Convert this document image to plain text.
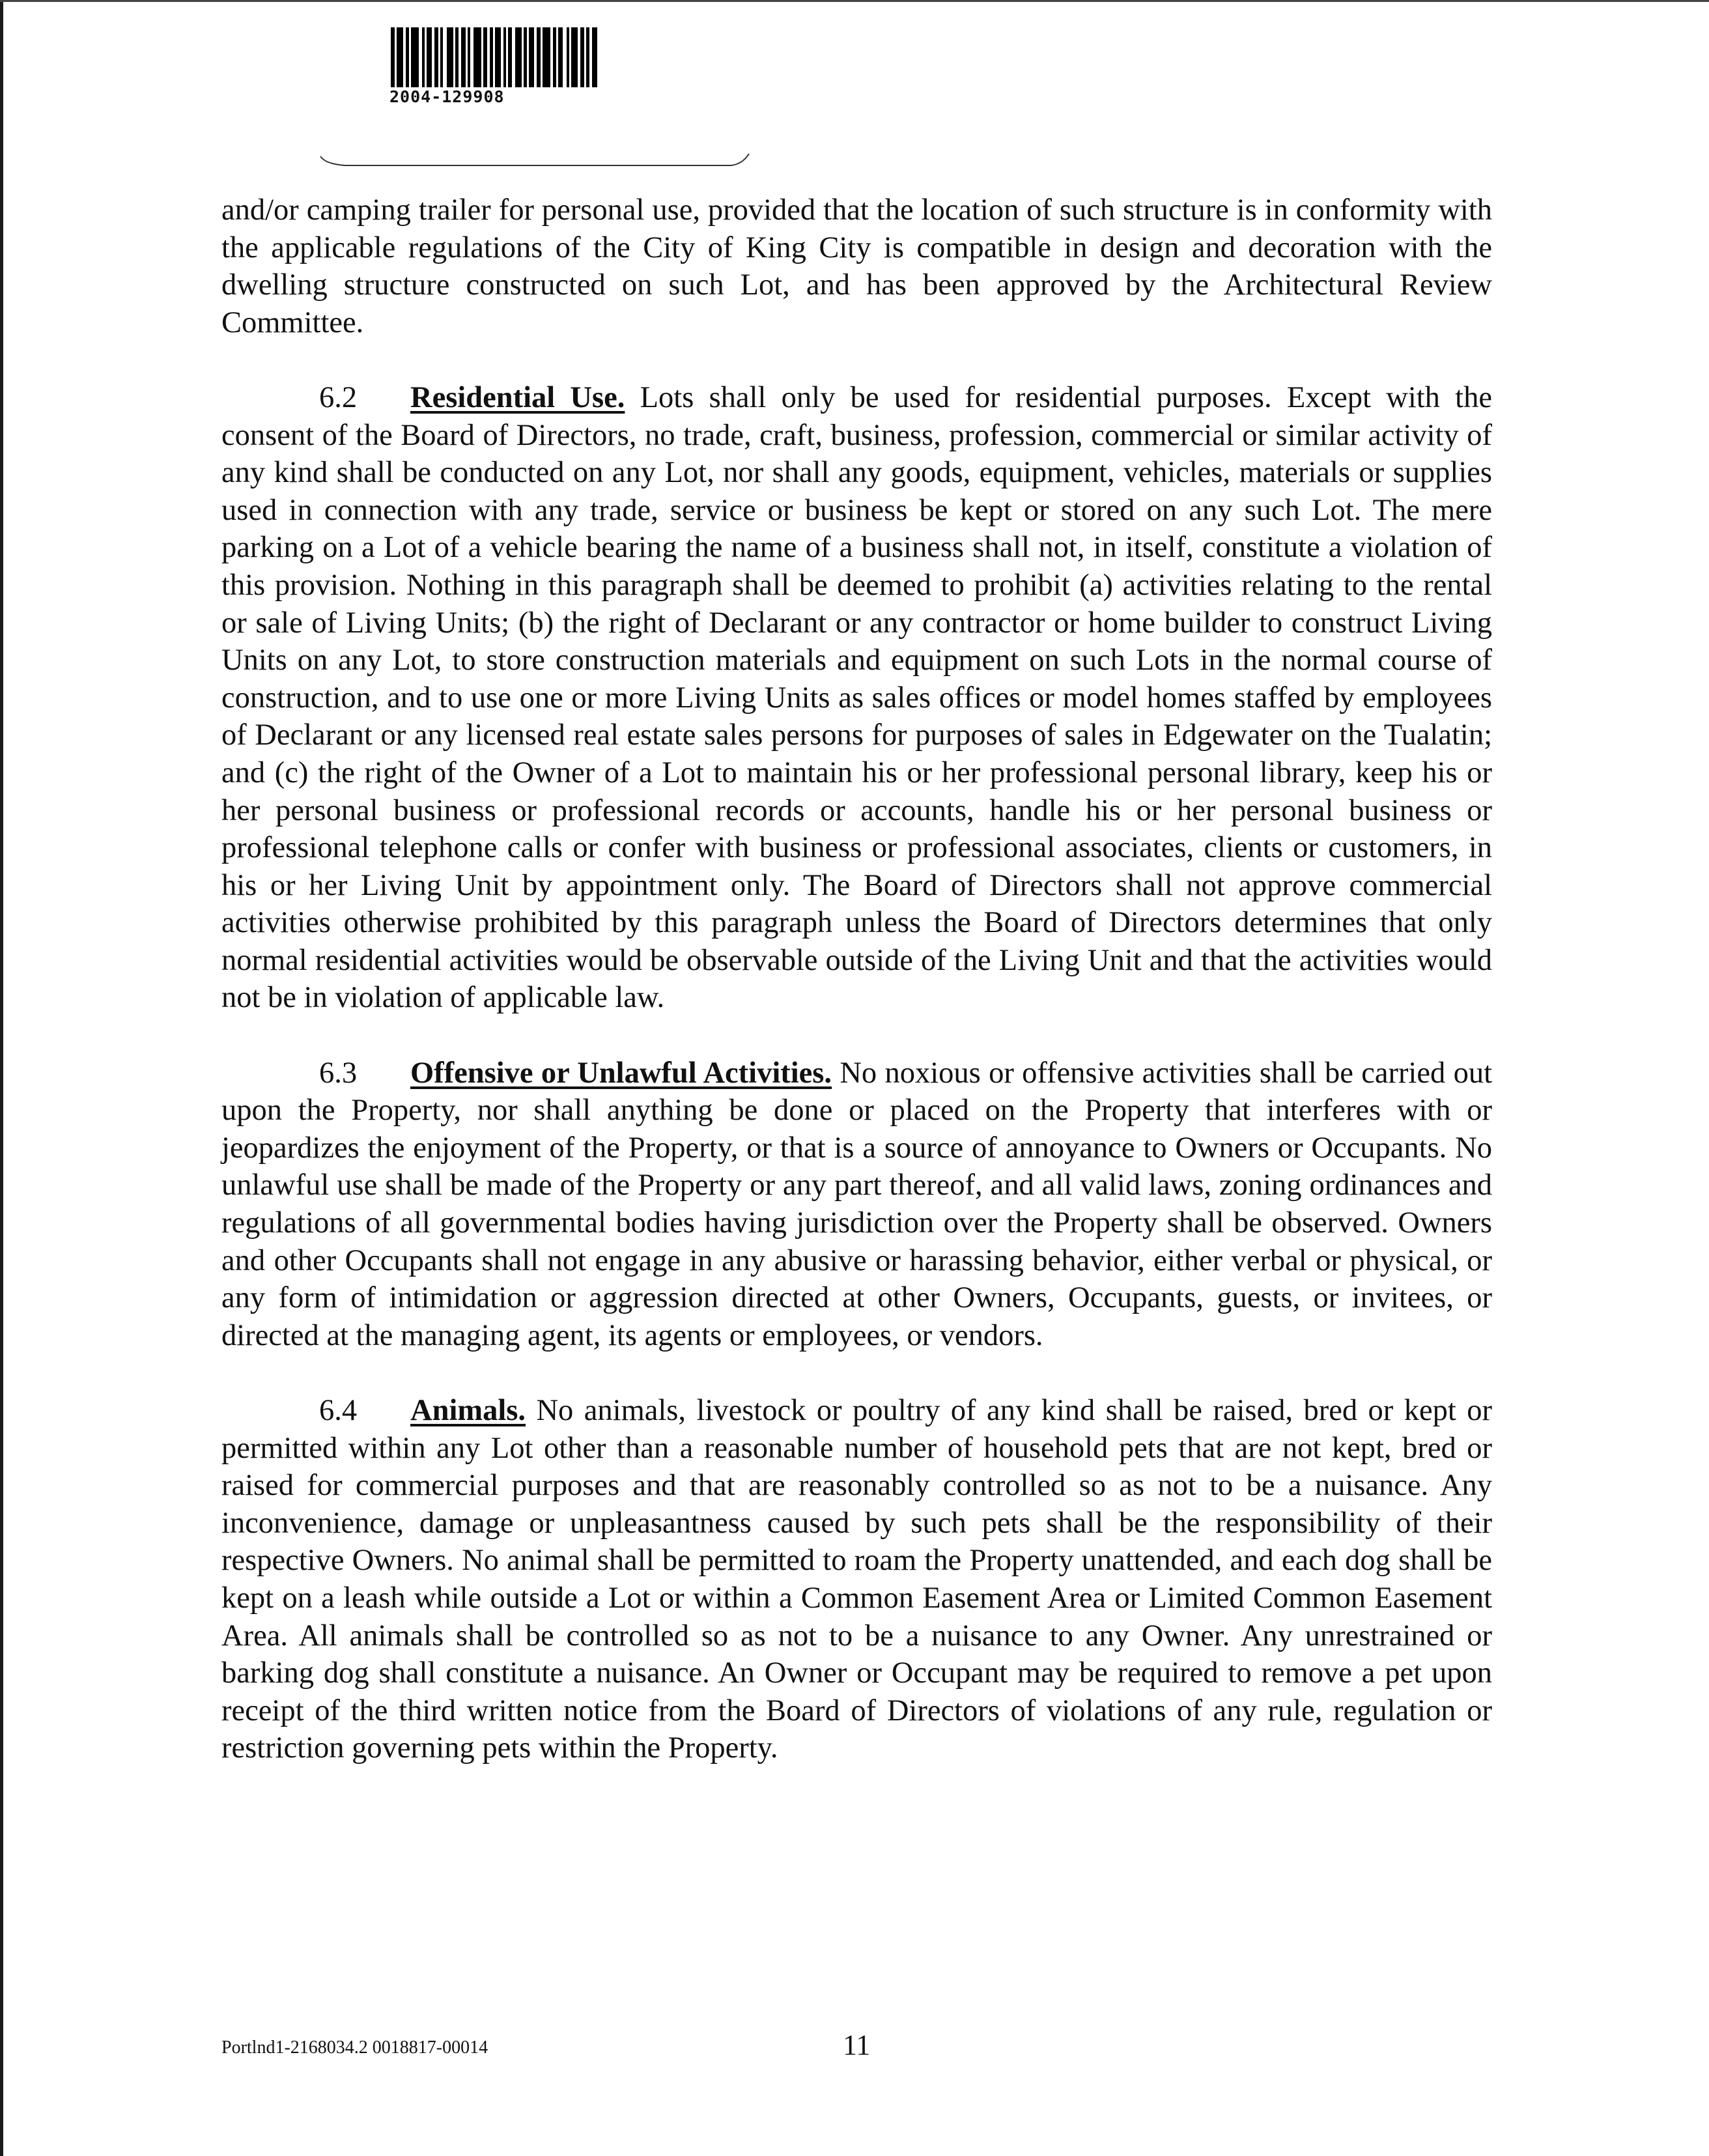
2004-129908

and/or camping trailer for personal use, provided that the location of such structure is in conformity with the applicable regulations of the City of King City is compatible in design and decoration with the dwelling structure constructed on such Lot, and has been approved by the Architectural Review Committee.

6.2 Residential Use. Lots shall only be used for residential purposes. Except with the consent of the Board of Directors, no trade, craft, business, profession, commercial or similar activity of any kind shall be conducted on any Lot, nor shall any goods, equipment, vehicles, materials or supplies used in connection with any trade, service or business be kept or stored on any such Lot. The mere parking on a Lot of a vehicle bearing the name of a business shall not, in itself, constitute a violation of this provision. Nothing in this paragraph shall be deemed to prohibit (a) activities relating to the rental or sale of Living Units; (b) the right of Declarant or any contractor or home builder to construct Living Units on any Lot, to store construction materials and equipment on such Lots in the normal course of construction, and to use one or more Living Units as sales offices or model homes staffed by employees of Declarant or any licensed real estate sales persons for purposes of sales in Edgewater on the Tualatin; and (c) the right of the Owner of a Lot to maintain his or her professional personal library, keep his or her personal business or professional records or accounts, handle his or her personal business or professional telephone calls or confer with business or professional associates, clients or customers, in his or her Living Unit by appointment only. The Board of Directors shall not approve commercial activities otherwise prohibited by this paragraph unless the Board of Directors determines that only normal residential activities would be observable outside of the Living Unit and that the activities would not be in violation of applicable law.

6.3 Offensive or Unlawful Activities. No noxious or offensive activities shall be carried out upon the Property, nor shall anything be done or placed on the Property that interferes with or jeopardizes the enjoyment of the Property, or that is a source of annoyance to Owners or Occupants. No unlawful use shall be made of the Property or any part thereof, and all valid laws, zoning ordinances and regulations of all governmental bodies having jurisdiction over the Property shall be observed. Owners and other Occupants shall not engage in any abusive or harassing behavior, either verbal or physical, or any form of intimidation or aggression directed at other Owners, Occupants, guests, or invitees, or directed at the managing agent, its agents or employees, or vendors.

6.4 Animals. No animals, livestock or poultry of any kind shall be raised, bred or kept or permitted within any Lot other than a reasonable number of household pets that are not kept, bred or raised for commercial purposes and that are reasonably controlled so as not to be a nuisance. Any inconvenience, damage or unpleasantness caused by such pets shall be the responsibility of their respective Owners. No animal shall be permitted to roam the Property unattended, and each dog shall be kept on a leash while outside a Lot or within a Common Easement Area or Limited Common Easement Area. All animals shall be controlled so as not to be a nuisance to any Owner. Any unrestrained or barking dog shall constitute a nuisance. An Owner or Occupant may be required to remove a pet upon receipt of the third written notice from the Board of Directors of violations of any rule, regulation or restriction governing pets within the Property.

Portlnd1-2168034.2 0018817-00014	11
